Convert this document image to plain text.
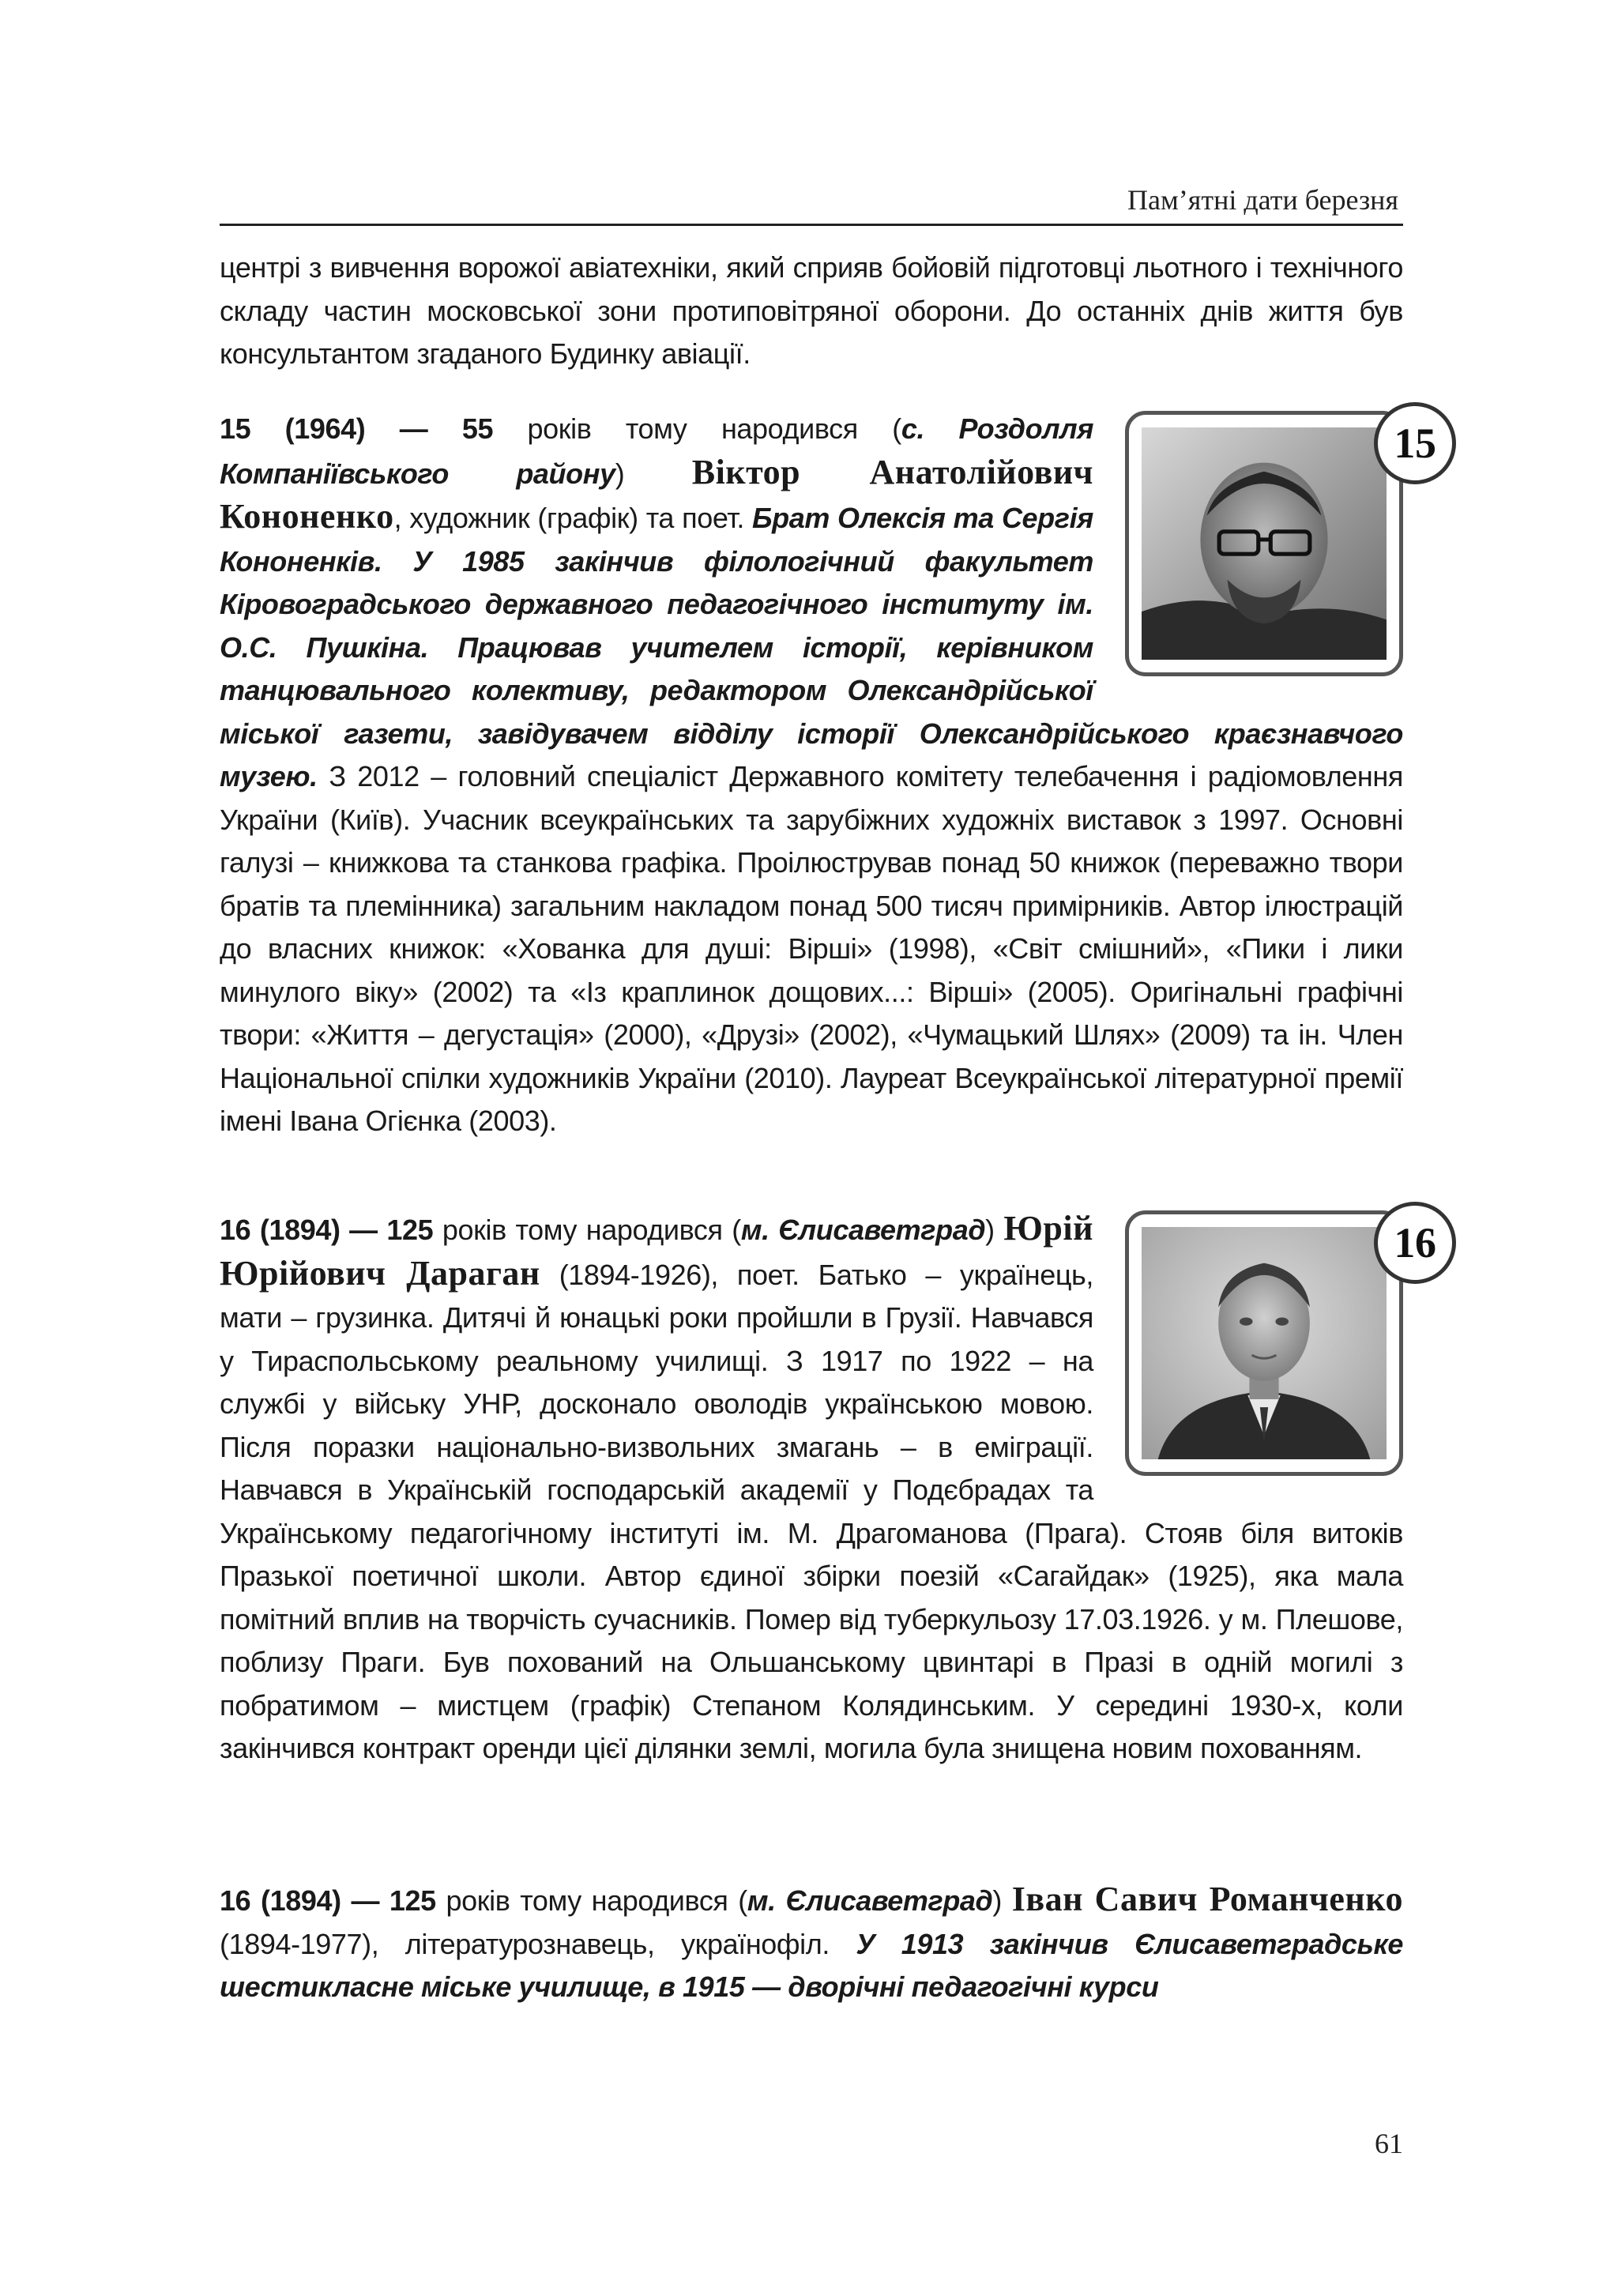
Пам’ятні дати березня

центрі з вивчення ворожої авіатехніки, який сприяв бойовій підготовці льотного і технічного складу частин московської зони протиповітряної оборони. До останніх днів життя був консультантом згаданого Будинку авіації.

15

15 (1964) — 55 років тому народився (с. Роздолля Компаніївського району) Віктор Анатолійович Кононенко, художник (графік) та поет. Брат Олексія та Сергія Кононенків. У 1985 закінчив філологічний факультет Кіровоградського державного педагогічного інституту ім. О.С. Пушкіна. Працював учителем історії, керівником танцювального колективу, редактором Олександрійської міської газети, завідувачем відділу історії Олександрійського краєзнавчого музею. З 2012 – головний спеціаліст Державного комітету телебачення і радіомовлення України (Київ). Учасник всеукраїнських та зарубіжних художніх виставок з 1997. Основні галузі – книжкова та станкова графіка. Проілюстрував понад 50 книжок (переважно твори братів та племінника) загальним накладом понад 500 тисяч примірників. Автор ілюстрацій до власних книжок: «Хованка для душі: Вірші» (1998), «Світ смішний», «Пики і лики минулого віку» (2002) та «Із краплинок дощових...: Вірші» (2005). Оригінальні графічні твори: «Життя – дегустація» (2000), «Друзі» (2002), «Чумацький Шлях» (2009) та ін. Член Національної спілки художників України (2010). Лауреат Всеукраїнської літературної премії імені Івана Огієнка (2003).

16

16 (1894) — 125 років тому народився (м. Єлисаветград) Юрій Юрійович Дараган (1894-1926), поет. Батько – українець, мати – грузинка. Дитячі й юнацькі роки пройшли в Грузії. Навчався у Тираспольському реальному училищі. З 1917 по 1922 – на службі у війську УНР, досконало оволодів українською мовою. Після поразки національно-визвольних змагань – в еміграції. Навчався в Українській господарській академії у Подєбрадах та Українському педагогічному інституті ім. М. Драгоманова (Прага). Стояв біля витоків Празької поетичної школи. Автор єдиної збірки поезій «Сагайдак» (1925), яка мала помітний вплив на творчість сучасників. Помер від туберкульозу 17.03.1926. у м. Плешове, поблизу Праги. Був похований на Ольшанському цвинтарі в Празі в одній могилі з побратимом – мистцем (графік) Степаном Колядинським. У середині 1930-х, коли закінчився контракт оренди цієї ділянки землі, могила була знищена новим похованням.

16 (1894) — 125 років тому народився (м. Єлисаветград) Іван Савич Романченко (1894-1977), літературознавець, українофіл. У 1913 закінчив Єлисаветградське шестикласне міське училище, в 1915 — дворічні педагогічні курси

61
